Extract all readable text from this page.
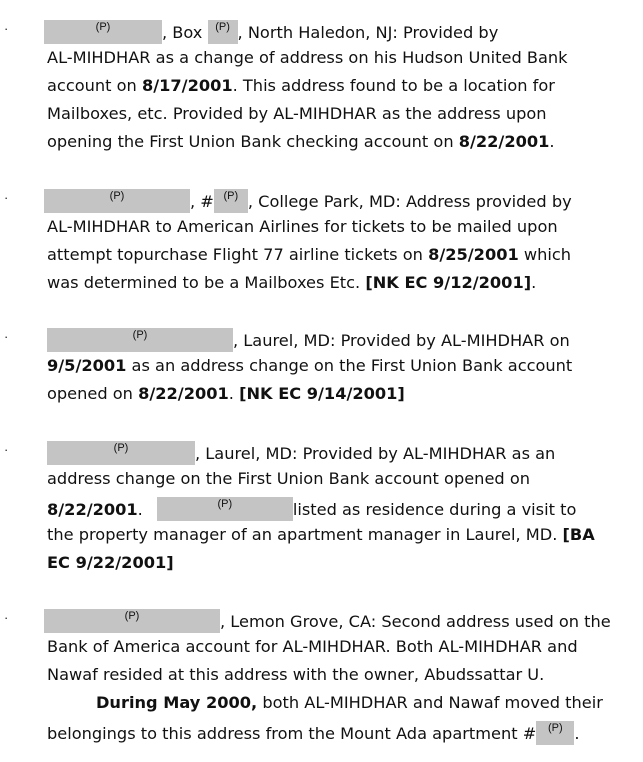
·	(P)	, Box (P) , North Haledon, NJ: Provided by
AL-MIHDHAR as a change of address on his Hudson United Bank
account on 8/17/2001. This address found to be a location for
Mailboxes, etc. Provided by AL-MIHDHAR as the address upon
opening the First Union Bank checking account on 8/22/2001.
·	(P)	, # (P) , College Park, MD: Address provided by
AL-MIHDHAR to American Airlines for tickets to be mailed upon
attempt topurchase Flight 77 airline tickets on 8/25/2001 which
was determined to be a Mailboxes Etc. [NK EC 9/12/2001].
·	(P)	, Laurel, MD: Provided by AL-MIHDHAR on
9/5/2001 as an address change on the First Union Bank account
opened on 8/22/2001. [NK EC 9/14/2001]
·	(P)	, Laurel, MD: Provided by AL-MIHDHAR as an
address change on the First Union Bank account opened on
8/22/2001.	(P)	listed as residence during a visit to
the property manager of an apartment manager in Laurel, MD. [BA
EC 9/22/2001]
·	(P)	, Lemon Grove, CA: Second address used on the
Bank of America account for AL-MIHDHAR. Both AL-MIHDHAR and
Nawaf resided at this address with the owner, Abudssattar U.
During May 2000, both AL-MIHDHAR and Nawaf moved their
belongings to this address from the Mount Ada apartment #	(P) .
